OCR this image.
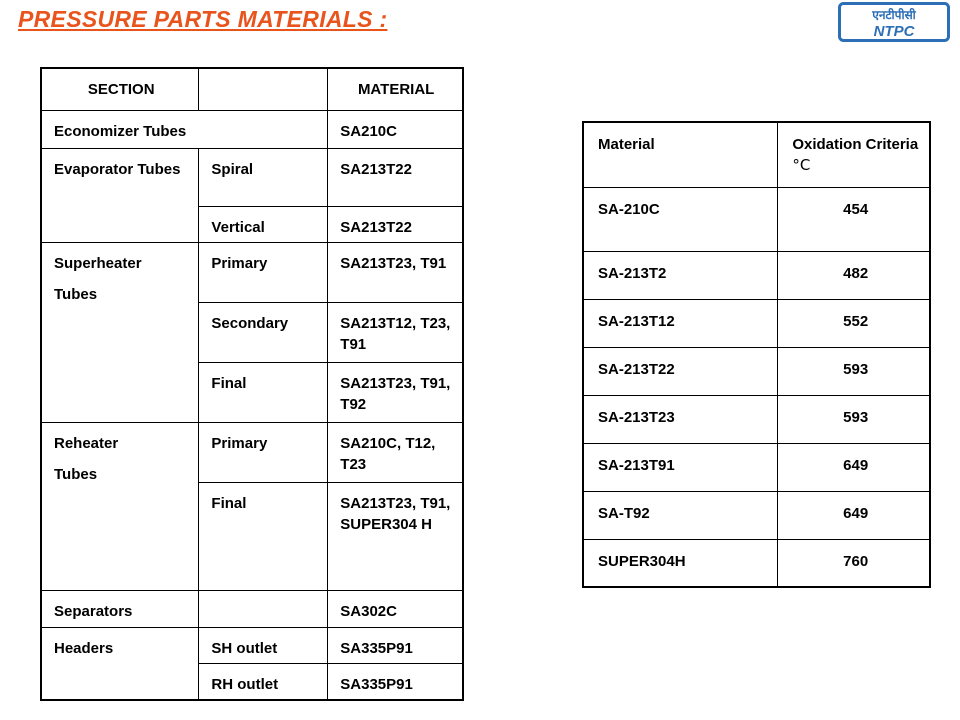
PRESSURE PARTS MATERIALS :	एनटीपीसी
NTPC
SECTION		MATERIAL
Economizer Tubes		SA210C
Evaporator Tubes	Spiral	SA213T22
	Vertical	SA213T22

Superheater
Tubes	Primary	SA213T23, T91
	Secondary	SA213T12, T23, T91
	Final	SA213T23, T91, T92

Reheater
Tubes	Primary	SA210C, T12, T23
	Final	SA213T23, T91, SUPER304 H
Separators		SA302C
Headers	SH outlet	SA335P91
	RH outlet	SA335P91
Material	Oxidation Criteria °C
SA-210C	454
SA-213T2	482
SA-213T12	552
SA-213T22	593
SA-213T23	593
SA-213T91	649
SA-T92	649
SUPER304H	760
